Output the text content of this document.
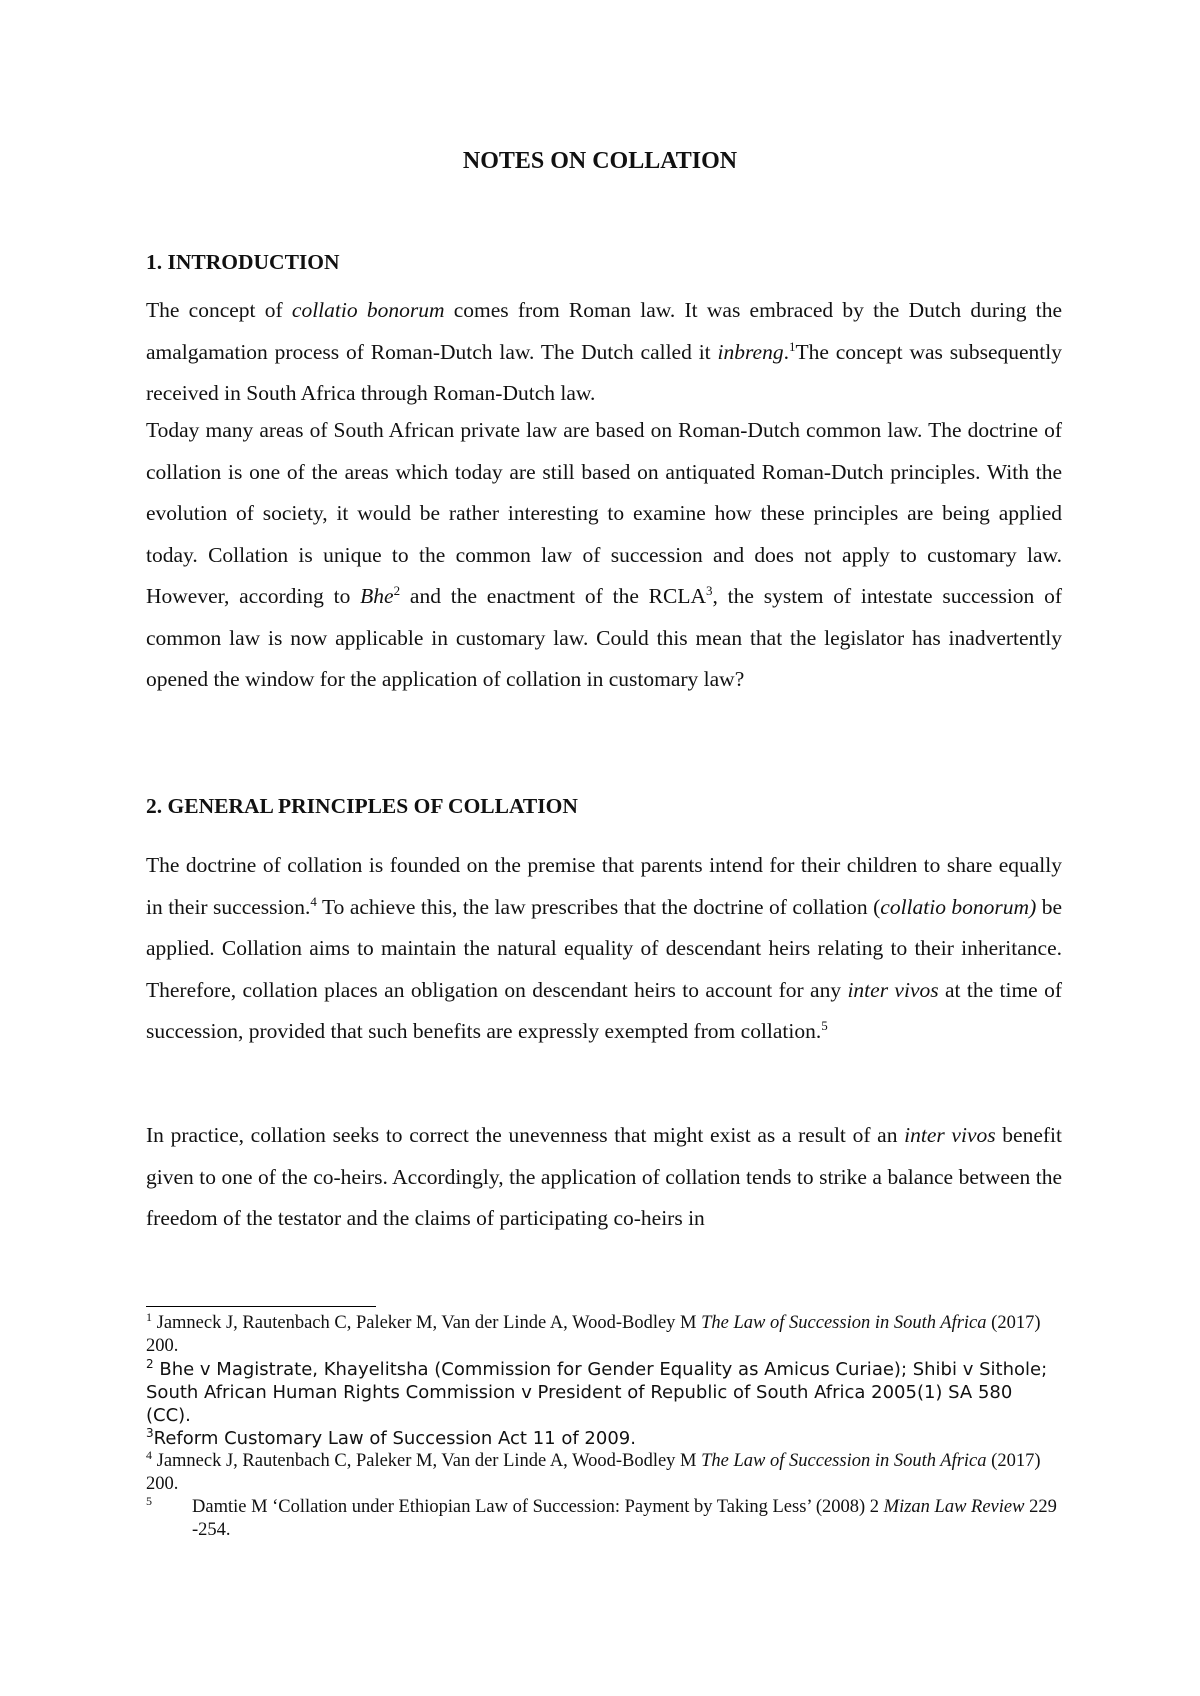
NOTES ON COLLATION
1. INTRODUCTION

The concept of collatio bonorum comes from Roman law. It was embraced by the Dutch during the amalgamation process of Roman-Dutch law. The Dutch called it inbreng.$^1$The concept was subsequently received in South Africa through Roman-Dutch law.

Today many areas of South African private law are based on Roman-Dutch common law. The doctrine of collation is one of the areas which today are still based on antiquated Roman-Dutch principles. With the evolution of society, it would be rather interesting to examine how these principles are being applied today. Collation is unique to the common law of succession and does not apply to customary law. However, according to Bhe$^2$ and the enactment of the RCLA$^3$, the system of intestate succession of common law is now applicable in customary law. Could this mean that the legislator has inadvertently opened the window for the application of collation in customary law?

2. GENERAL PRINCIPLES OF COLLATION

The doctrine of collation is founded on the premise that parents intend for their children to share equally in their succession.$^4$ To achieve this, the law prescribes that the doctrine of collation (collatio bonorum) be applied. Collation aims to maintain the natural equality of descendant heirs relating to their inheritance. Therefore, collation places an obligation on descendant heirs to account for any inter vivos at the time of succession, provided that such benefits are expressly exempted from collation.$^5$

In practice, collation seeks to correct the unevenness that might exist as a result of an inter vivos benefit given to one of the co-heirs. Accordingly, the application of collation tends to strike a balance between the freedom of the testator and the claims of participating co-heirs in

$^1$ Jamneck J, Rautenbach C, Paleker M, Van der Linde A, Wood-Bodley M The Law of Succession in South Africa (2017) 200.

$^2$ Bhe v Magistrate, Khayelitsha (Commission for Gender Equality as Amicus Curiae); Shibi v Sithole; South African Human Rights Commission v President of Republic of South Africa 2005(1) SA 580 (CC).

$^3$Reform Customary Law of Succession Act 11 of 2009.

$^4$ Jamneck J, Rautenbach C, Paleker M, Van der Linde A, Wood-Bodley M The Law of Succession in South Africa (2017) 200.

$^5$	Damtie M ‘Collation under Ethiopian Law of Succession: Payment by Taking Less’ (2008) 2 Mizan Law Review 229 -254.
